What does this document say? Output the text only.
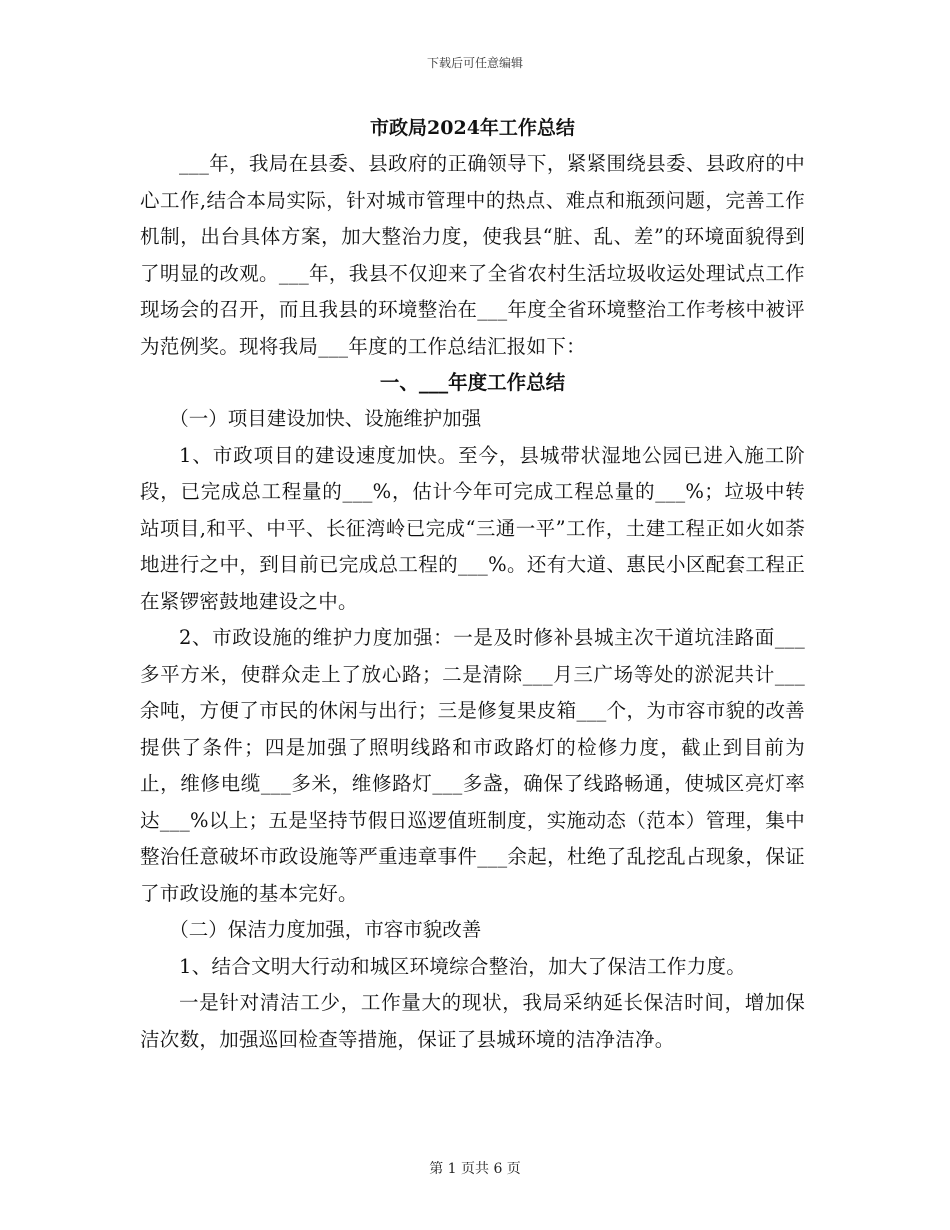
下载后可任意编辑
市政局2024年工作总结

___年，我局在县委、县政府的正确领导下，紧紧围绕县委、县政府的中心工作,结合本局实际，针对城市管理中的热点、难点和瓶颈问题，完善工作机制，出台具体方案，加大整治力度，使我县“脏、乱、差”的环境面貌得到了明显的改观。___年，我县不仅迎来了全省农村生活垃圾收运处理试点工作现场会的召开，而且我县的环境整治在___年度全省环境整治工作考核中被评为范例奖。现将我局___年度的工作总结汇报如下：

一、___年度工作总结

（一）项目建设加快、设施维护加强

1、市政项目的建设速度加快。至今，县城带状湿地公园已进入施工阶段，已完成总工程量的___%，估计今年可完成工程总量的___%；垃圾中转站项目,和平、中平、长征湾岭已完成“三通一平”工作，土建工程正如火如荼地进行之中，到目前已完成总工程的___%。还有大道、惠民小区配套工程正在紧锣密鼓地建设之中。

2、市政设施的维护力度加强：一是及时修补县城主次干道坑洼路面___多平方米，使群众走上了放心路；二是清除___月三广场等处的淤泥共计___余吨，方便了市民的休闲与出行；三是修复果皮箱___个，为市容市貌的改善提供了条件；四是加强了照明线路和市政路灯的检修力度，截止到目前为止，维修电缆___多米，维修路灯___多盏，确保了线路畅通，使城区亮灯率达___%以上；五是坚持节假日巡逻值班制度，实施动态（范本）管理，集中整治任意破坏市政设施等严重违章事件___余起，杜绝了乱挖乱占现象，保证了市政设施的基本完好。

（二）保洁力度加强，市容市貌改善

1、结合文明大行动和城区环境综合整治，加大了保洁工作力度。

一是针对清洁工少，工作量大的现状，我局采纳延长保洁时间，增加保洁次数，加强巡回检查等措施，保证了县城环境的洁净洁净。

第 1 页共 6 页
